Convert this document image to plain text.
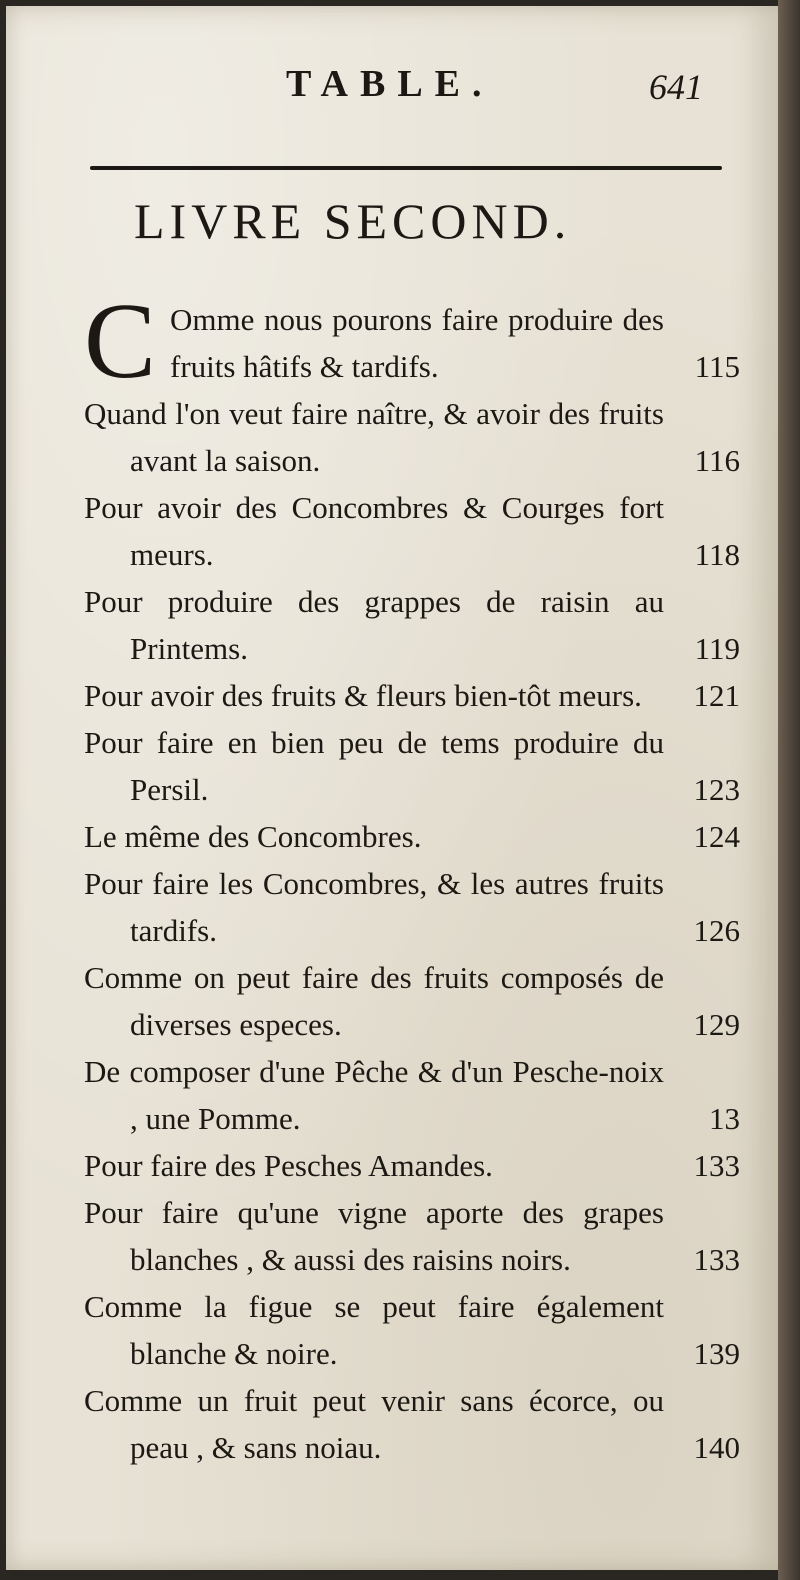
TABLE.	641
LIVRE SECOND.
C Omme nous pourons faire produire des fruits hâtifs & tardifs.	115
Quand l'on veut faire naître, & avoir des fruits avant la saison.	116
Pour avoir des Concombres & Courges fort meurs.	118
Pour produire des grappes de raisin au Printems.	119
Pour avoir des fruits & fleurs bien-tôt meurs.	121
Pour faire en bien peu de tems produire du Persil.	123
Le même des Concombres.	124
Pour faire les Concombres, & les autres fruits tardifs.	126
Comme on peut faire des fruits composés de diverses especes.	129
De composer d'une Pêche & d'un Pesche-noix , une Pomme.	13
Pour faire des Pesches Amandes.	133
Pour faire qu'une vigne aporte des grapes blanches , & aussi des raisins noirs.	133
Comme la figue se peut faire également blanche & noire.	139
Comme un fruit peut venir sans écorce, ou peau , & sans noiau.	140
